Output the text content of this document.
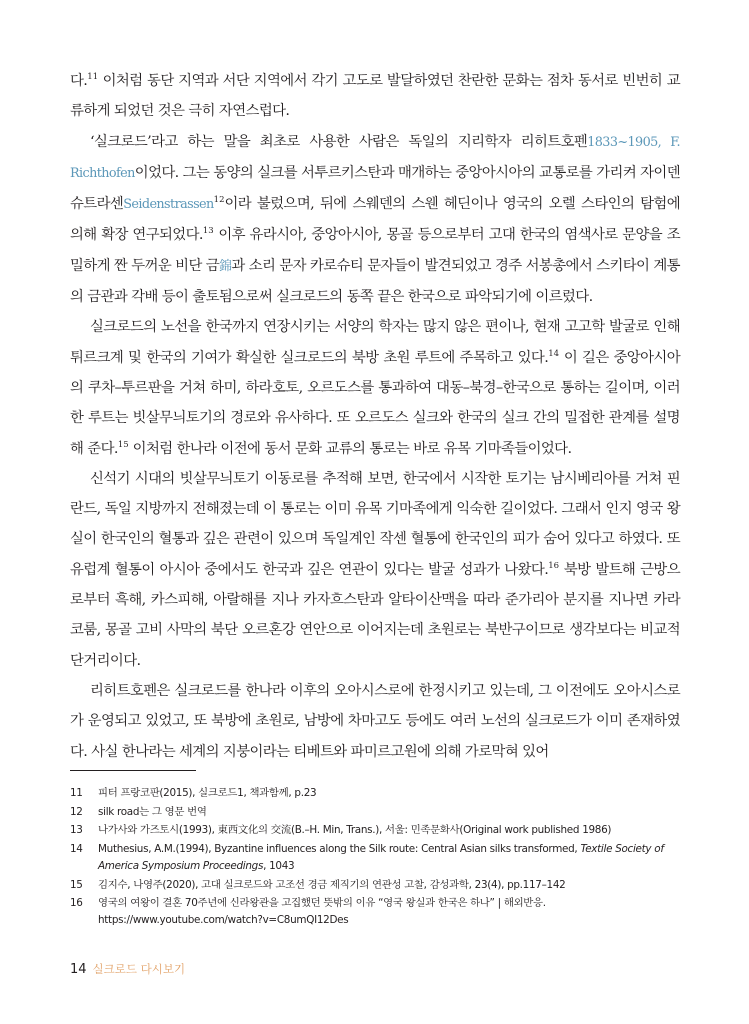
다.$^{11}$ 이처럼 동단 지역과 서단 지역에서 각기 고도로 발달하였던 찬란한 문화는 점차 동서로 빈번히 교류하게 되었던 것은 극히 자연스럽다.

‘실크로드’라고 하는 말을 최초로 사용한 사람은 독일의 지리학자 리히트호펜1833~1905, F. Richthofen이었다. 그는 동양의 실크를 서투르키스탄과 매개하는 중앙아시아의 교통로를 가리켜 자이덴슈트라센Seidenstrassen$^{12}$이라 불렀으며, 뒤에 스웨덴의 스웬 헤딘이나 영국의 오렐 스타인의 탐험에 의해 확장 연구되었다.$^{13}$ 이후 유라시아, 중앙아시아, 몽골 등으로부터 고대 한국의 염색사로 문양을 조밀하게 짠 두꺼운 비단 금錦과 소리 문자 카로슈티 문자들이 발견되었고 경주 서봉총에서 스키타이 계통의 금관과 각배 등이 출토됨으로써 실크로드의 동쪽 끝은 한국으로 파악되기에 이르렀다.

실크로드의 노선을 한국까지 연장시키는 서양의 학자는 많지 않은 편이나, 현재 고고학 발굴로 인해 튀르크계 및 한국의 기여가 확실한 실크로드의 북방 초원 루트에 주목하고 있다.$^{14}$ 이 길은 중앙아시아의 쿠차–투르판을 거쳐 하미, 하라호토, 오르도스를 통과하여 대동–북경–한국으로 통하는 길이며, 이러한 루트는 빗살무늬토기의 경로와 유사하다. 또 오르도스 실크와 한국의 실크 간의 밀접한 관계를 설명해 준다.$^{15}$ 이처럼 한나라 이전에 동서 문화 교류의 통로는 바로 유목 기마족들이었다.

신석기 시대의 빗살무늬토기 이동로를 추적해 보면, 한국에서 시작한 토기는 남시베리아를 거쳐 핀란드, 독일 지방까지 전해졌는데 이 통로는 이미 유목 기마족에게 익숙한 길이었다. 그래서 인지 영국 왕실이 한국인의 혈통과 깊은 관련이 있으며 독일계인 작센 혈통에 한국인의 피가 숨어 있다고 하였다. 또 유럽계 혈통이 아시아 중에서도 한국과 깊은 연관이 있다는 발굴 성과가 나왔다.$^{16}$ 북방 발트해 근방으로부터 흑해, 카스피해, 아랄해를 지나 카자흐스탄과 알타이산맥을 따라 준가리아 분지를 지나면 카라코룸, 몽골 고비 사막의 북단 오르혼강 연안으로 이어지는데 초원로는 북반구이므로 생각보다는 비교적 단거리이다.

리히트호펜은 실크로드를 한나라 이후의 오아시스로에 한정시키고 있는데, 그 이전에도 오아시스로가 운영되고 있었고, 또 북방에 초원로, 남방에 차마고도 등에도 여러 노선의 실크로드가 이미 존재하였다. 사실 한나라는 세계의 지붕이라는 티베트와 파미르고원에 의해 가로막혀 있어

11	피터 프랑코판(2015), 실크로드1, 책과함께, p.23
12	silk road는 그 영문 번역
13	나가사와 가즈토시(1993), 東西文化의 交流(B.–H. Min, Trans.), 서울: 민족문화사(Original work published 1986)
14	Muthesius, A.M.(1994), Byzantine influences along the Silk route: Central Asian silks transformed, Textile Society of America Symposium Proceedings, 1043
15	김지수, 나영주(2020), 고대 실크로드와 고조선 경금 제직기의 연관성 고찰, 감성과학, 23(4), pp.117–142
16	영국의 여왕이 결혼 70주년에 신라왕관을 고집했던 뜻밖의 이유 “영국 왕실과 한국은 하나” | 해외반응. https://www.youtube.com/watch?v=C8umQI12Des
14 실크로드 다시보기
